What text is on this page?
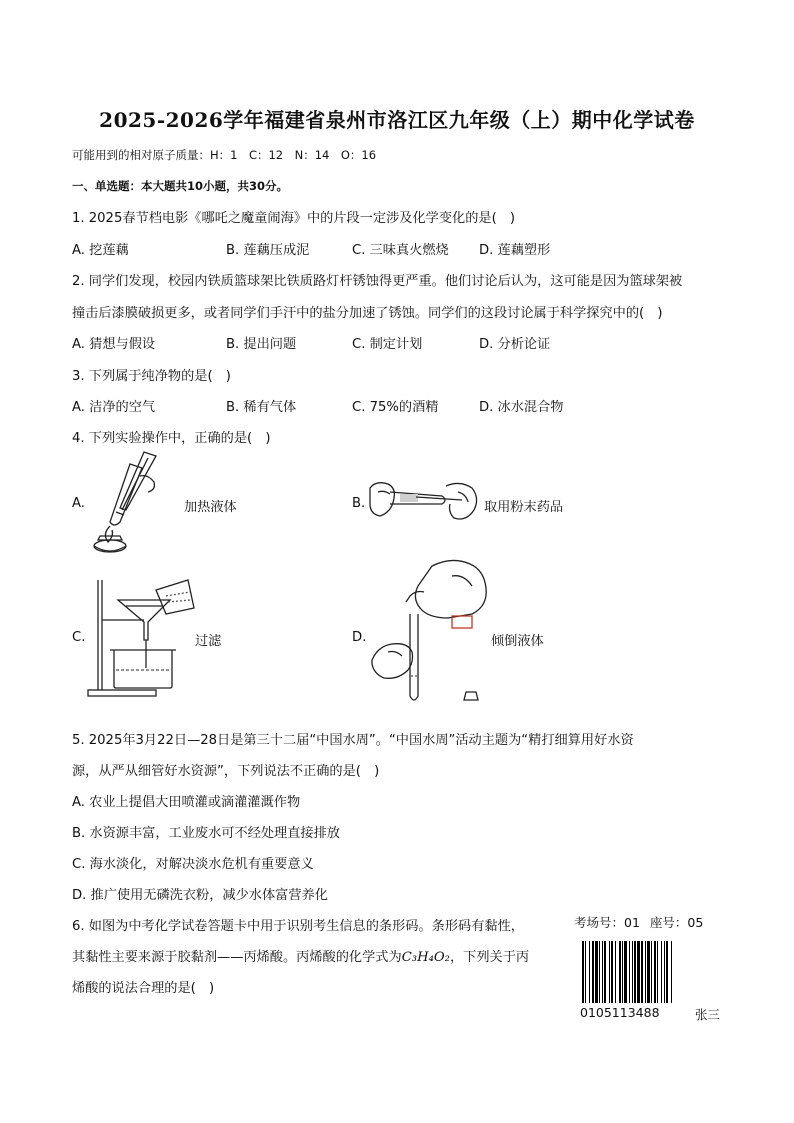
2025-2026学年福建省泉州市洛江区九年级（上）期中化学试卷
可能用到的相对原子质量：H：1　C：12　N：14　O：16
一、单选题：本大题共10小题，共30分。
1. 2025春节档电影《哪吒之魔童闹海》中的片段一定涉及化学变化的是(　)
A. 挖莲藕	B. 莲藕压成泥	C. 三味真火燃烧 D. 莲藕塑形
2. 同学们发现，校园内铁质篮球架比铁质路灯杆锈蚀得更严重。他们讨论后认为，这可能是因为篮球架被
撞击后漆膜破损更多，或者同学们手汗中的盐分加速了锈蚀。同学们的这段讨论属于科学探究中的(　)
A. 猜想与假设	B. 提出问题	C. 制定计划	D. 分析论证
3. 下列属于纯净物的是(　)
A. 洁净的空气	B. 稀有气体	C. 75%的酒精	D. 冰水混合物
4. 下列实验操作中，正确的是(　)
A.	加热液体	B.	取用粉末药品
C.	过滤	D.	倾倒液体
5. 2025年3月22日—28日是第三十二届“中国水周”。“中国水周”活动主题为“精打细算用好水资
源，从严从细管好水资源”，下列说法不正确的是(　)
A. 农业上提倡大田喷灌或滴灌灌溉作物
B. 水资源丰富，工业废水可不经处理直接排放
C. 海水淡化，对解决淡水危机有重要意义
D. 推广使用无磷洗衣粉，减少水体富营养化
6. 如图为中考化学试卷答题卡中用于识别考生信息的条形码。条形码有黏性，
其黏性主要来源于胶黏剂——丙烯酸。丙烯酸的化学式为C₃H₄O₂，下列关于丙
烯酸的说法合理的是(　)
考场号：01 座号：05
0105113488	张三
